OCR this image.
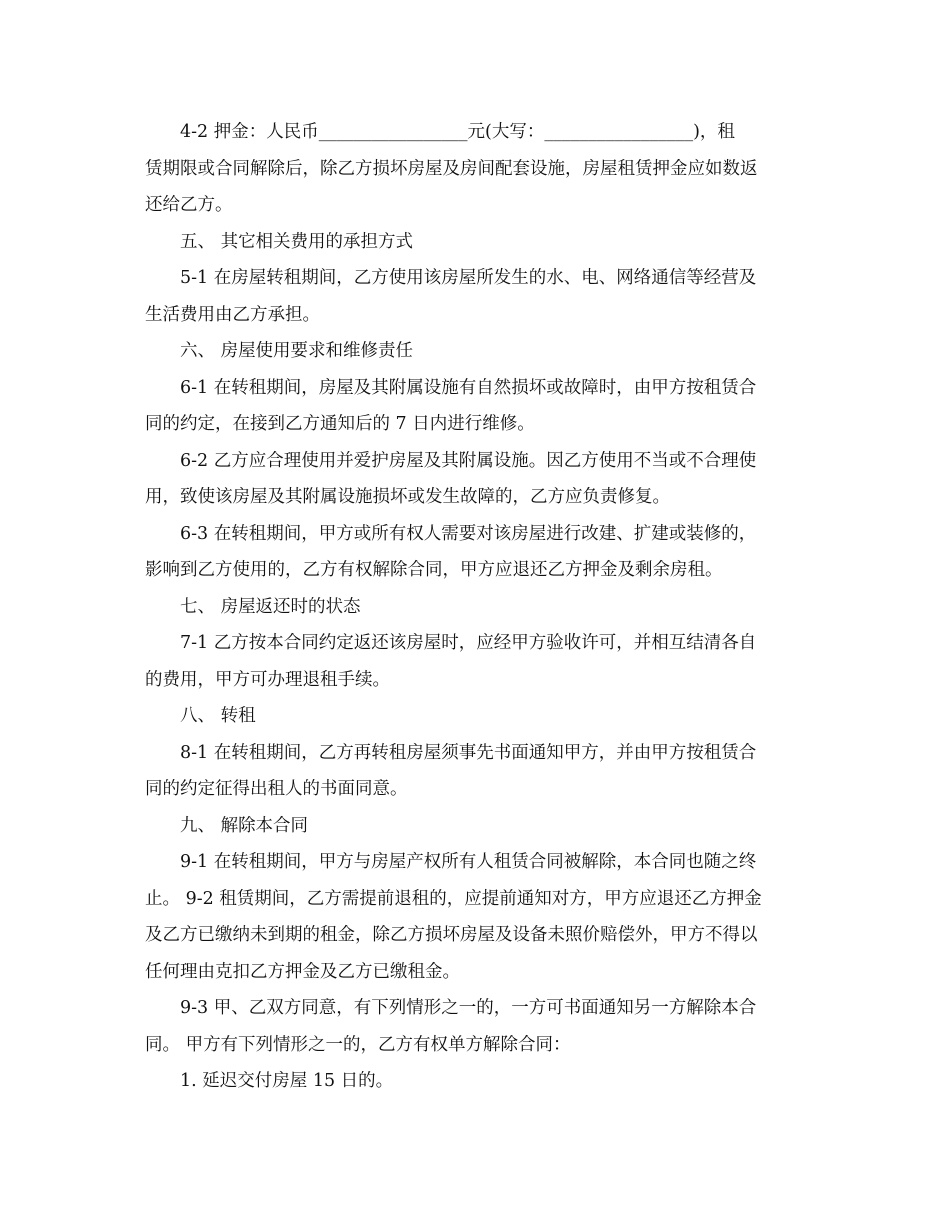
4-2 押金：人民币_________________元(大写：_________________)，租
赁期限或合同解除后，除乙方损坏房屋及房间配套设施，房屋租赁押金应如数返
还给乙方。
五、 其它相关费用的承担方式
5-1 在房屋转租期间，乙方使用该房屋所发生的水、电、网络通信等经营及
生活费用由乙方承担。
六、 房屋使用要求和维修责任
6-1 在转租期间，房屋及其附属设施有自然损坏或故障时，由甲方按租赁合
同的约定，在接到乙方通知后的 7 日内进行维修。
6-2 乙方应合理使用并爱护房屋及其附属设施。因乙方使用不当或不合理使
用，致使该房屋及其附属设施损坏或发生故障的，乙方应负责修复。
6-3 在转租期间，甲方或所有权人需要对该房屋进行改建、扩建或装修的，
影响到乙方使用的，乙方有权解除合同，甲方应退还乙方押金及剩余房租。
七、 房屋返还时的状态
7-1 乙方按本合同约定返还该房屋时，应经甲方验收许可，并相互结清各自
的费用，甲方可办理退租手续。
八、 转租
8-1 在转租期间，乙方再转租房屋须事先书面通知甲方，并由甲方按租赁合
同的约定征得出租人的书面同意。
九、 解除本合同
9-1 在转租期间，甲方与房屋产权所有人租赁合同被解除，本合同也随之终
止。 9-2 租赁期间，乙方需提前退租的，应提前通知对方，甲方应退还乙方押金
及乙方已缴纳未到期的租金，除乙方损坏房屋及设备未照价赔偿外，甲方不得以
任何理由克扣乙方押金及乙方已缴租金。
9-3 甲、乙双方同意，有下列情形之一的，一方可书面通知另一方解除本合
同。 甲方有下列情形之一的，乙方有权单方解除合同：
1. 延迟交付房屋 15 日的。
